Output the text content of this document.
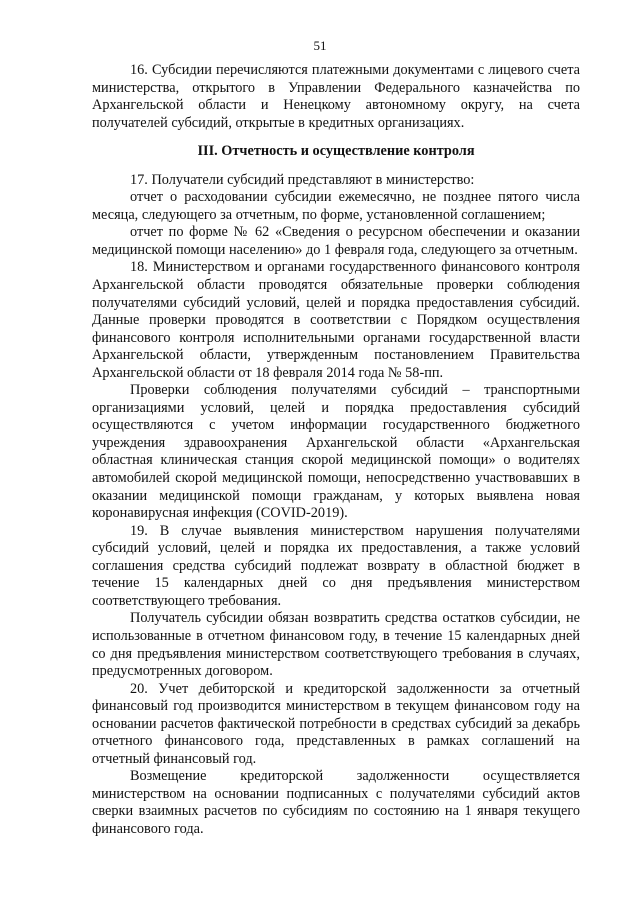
51

16. Субсидии перечисляются платежными документами с лицевого счета министерства, открытого в Управлении Федерального казначейства по Архангельской области и Ненецкому автономному округу, на счета получателей субсидий, открытые в кредитных организациях.

III. Отчетность и осуществление контроля

17. Получатели субсидий представляют в министерство:

отчет о расходовании субсидии ежемесячно, не позднее пятого числа месяца, следующего за отчетным, по форме, установленной соглашением;

отчет по форме № 62 «Сведения о ресурсном обеспечении и оказании медицинской помощи населению» до 1 февраля года, следующего за отчетным.

18. Министерством и органами государственного финансового контроля Архангельской области проводятся обязательные проверки соблюдения получателями субсидий условий, целей и порядка предоставления субсидий. Данные проверки проводятся в соответствии с Порядком осуществления финансового контроля исполнительными органами государственной власти Архангельской области, утвержденным постановлением Правительства Архангельской области от 18 февраля 2014 года № 58-пп.

Проверки соблюдения получателями субсидий – транспортными организациями условий, целей и порядка предоставления субсидий осуществляются с учетом информации государственного бюджетного учреждения здравоохранения Архангельской области «Архангельская областная клиническая станция скорой медицинской помощи» о водителях автомобилей скорой медицинской помощи, непосредственно участвовавших в оказании медицинской помощи гражданам, у которых выявлена новая коронавирусная инфекция (COVID-2019).

19. В случае выявления министерством нарушения получателями субсидий условий, целей и порядка их предоставления, а также условий соглашения средства субсидий подлежат возврату в областной бюджет в течение 15 календарных дней со дня предъявления министерством соответствующего требования.

Получатель субсидии обязан возвратить средства остатков субсидии, не использованные в отчетном финансовом году, в течение 15 календарных дней со дня предъявления министерством соответствующего требования в случаях, предусмотренных договором.

20. Учет дебиторской и кредиторской задолженности за отчетный финансовый год производится министерством в текущем финансовом году на основании расчетов фактической потребности в средствах субсидий за декабрь отчетного финансового года, представленных в рамках соглашений на отчетный финансовый год.

Возмещение кредиторской задолженности осуществляется министерством на основании подписанных с получателями субсидий актов сверки взаимных расчетов по субсидиям по состоянию на 1 января текущего финансового года.
